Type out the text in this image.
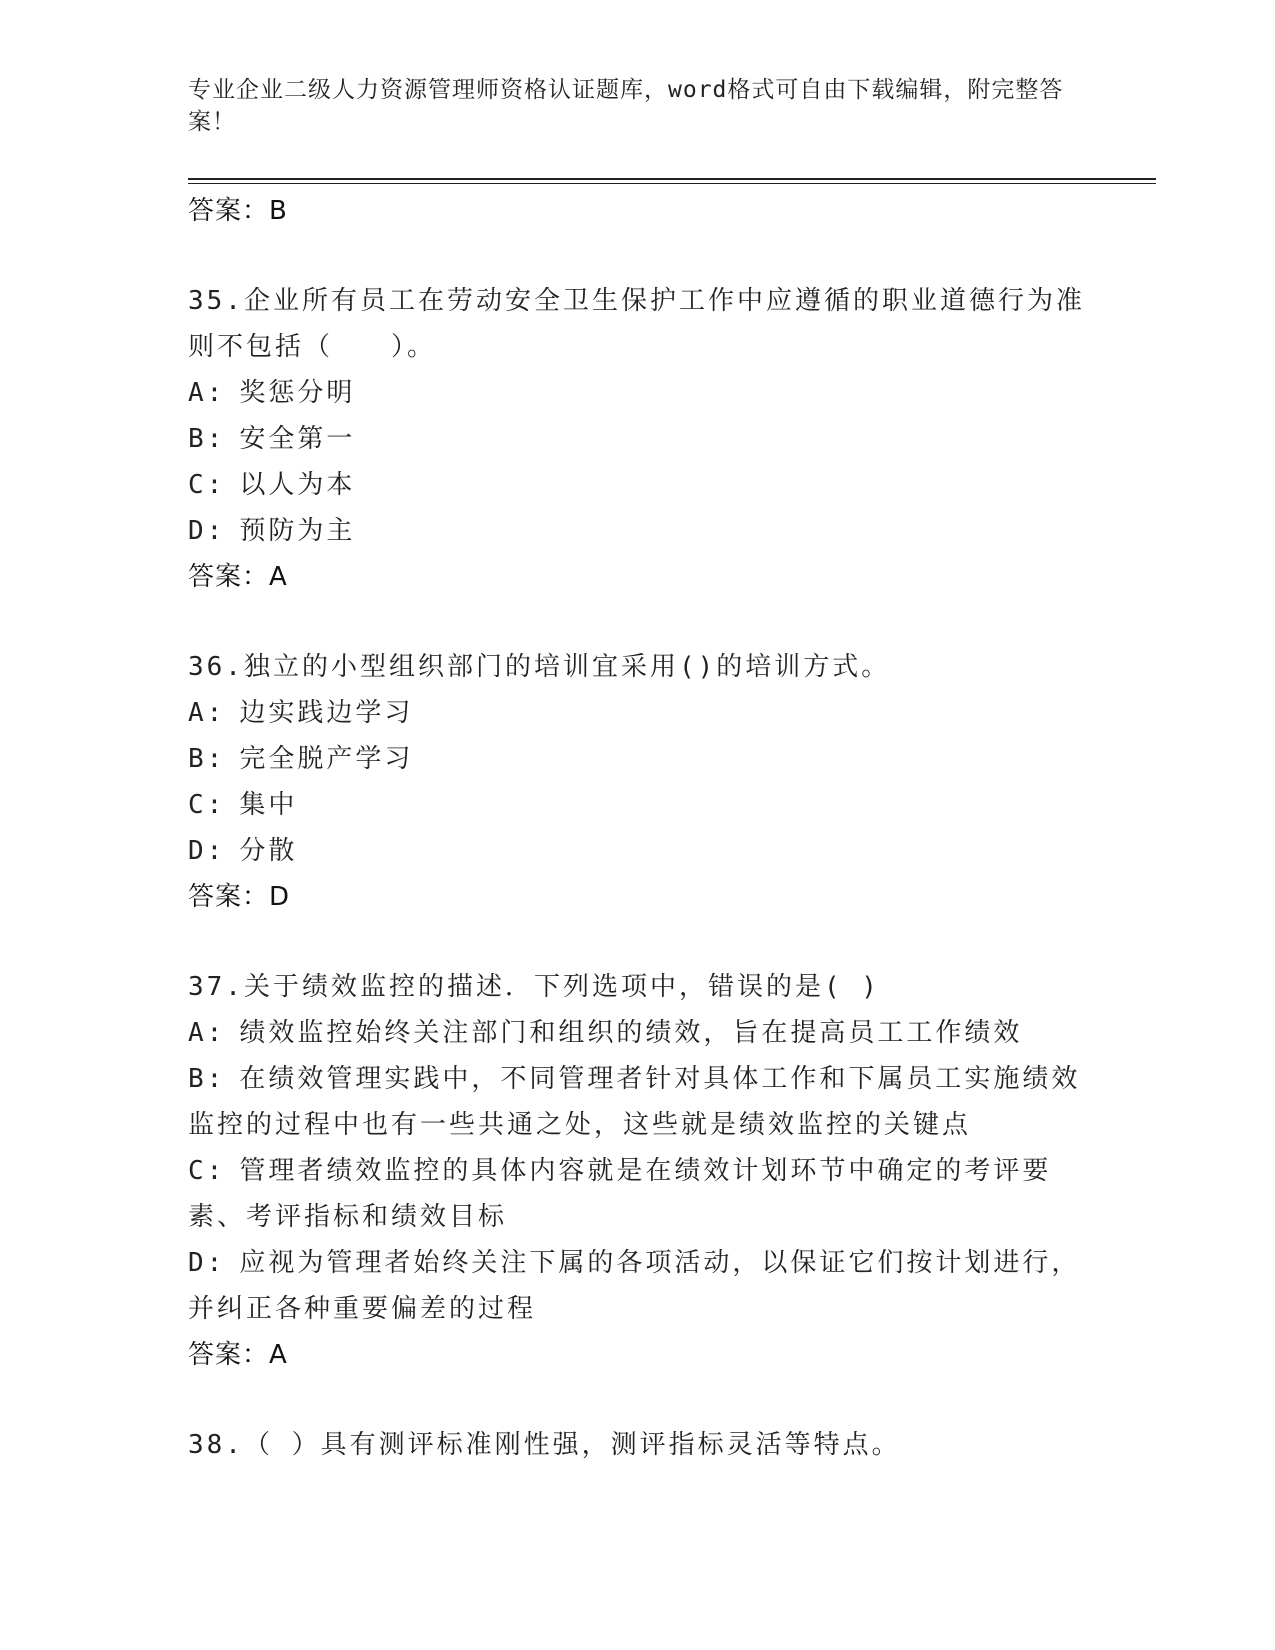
专业企业二级人力资源管理师资格认证题库，word格式可自由下载编辑，附完整答案！
答案：B
35.企业所有员工在劳动安全卫生保护工作中应遵循的职业道德行为准则不包括（　　）。
A: 奖惩分明
B: 安全第一
C: 以人为本
D: 预防为主
答案：A
36.独立的小型组织部门的培训宜采用()的培训方式。
A: 边实践边学习
B: 完全脱产学习
C: 集中
D: 分散
答案：D
37.关于绩效监控的描述．下列选项中，错误的是( )
A: 绩效监控始终关注部门和组织的绩效，旨在提高员工工作绩效
B: 在绩效管理实践中，不同管理者针对具体工作和下属员工实施绩效监控的过程中也有一些共通之处，这些就是绩效监控的关键点
C: 管理者绩效监控的具体内容就是在绩效计划环节中确定的考评要素、考评指标和绩效目标
D: 应视为管理者始终关注下属的各项活动，以保证它们按计划进行，并纠正各种重要偏差的过程
答案：A
38.（ ）具有测评标准刚性强，测评指标灵活等特点。
